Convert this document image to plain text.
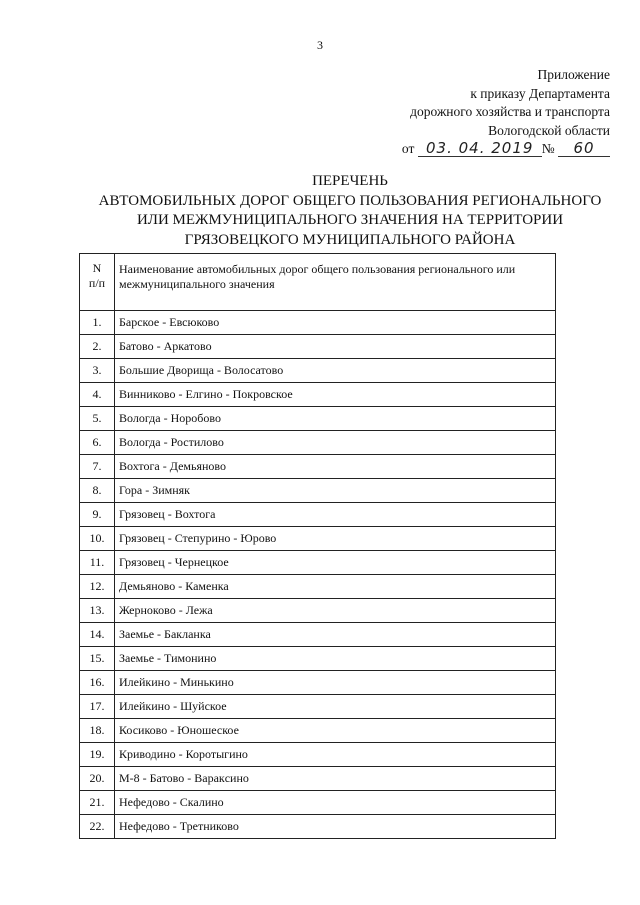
3
Приложение
к приказу Департамента
дорожного хозяйства и транспорта
Вологодской области
от 03. 04. 2019 № 60
ПЕРЕЧЕНЬ
АВТОМОБИЛЬНЫХ ДОРОГ ОБЩЕГО ПОЛЬЗОВАНИЯ РЕГИОНАЛЬНОГО
ИЛИ МЕЖМУНИЦИПАЛЬНОГО ЗНАЧЕНИЯ НА ТЕРРИТОРИИ
ГРЯЗОВЕЦКОГО МУНИЦИПАЛЬНОГО РАЙОНА
N
п/п	Наименование автомобильных дорог общего пользования регионального или межмуниципального значения
1.	Барское - Евсюково
2.	Батово - Аркатово
3.	Большие Дворища - Волосатово
4.	Винниково - Елгино - Покровское
5.	Вологда - Норобово
6.	Вологда - Ростилово
7.	Вохтога - Демьяново
8.	Гора - Зимняк
9.	Грязовец - Вохтога
10.	Грязовец - Степурино - Юрово
11.	Грязовец - Чернецкое
12.	Демьяново - Каменка
13.	Жерноково - Лежа
14.	Заемье - Бакланка
15.	Заемье - Тимонино
16.	Илейкино - Минькино
17.	Илейкино - Шуйское
18.	Косиково - Юношеское
19.	Криводино - Коротыгино
20.	М-8 - Батово - Варакcино
21.	Нефедово - Скалино
22.	Нефедово - Третниково
